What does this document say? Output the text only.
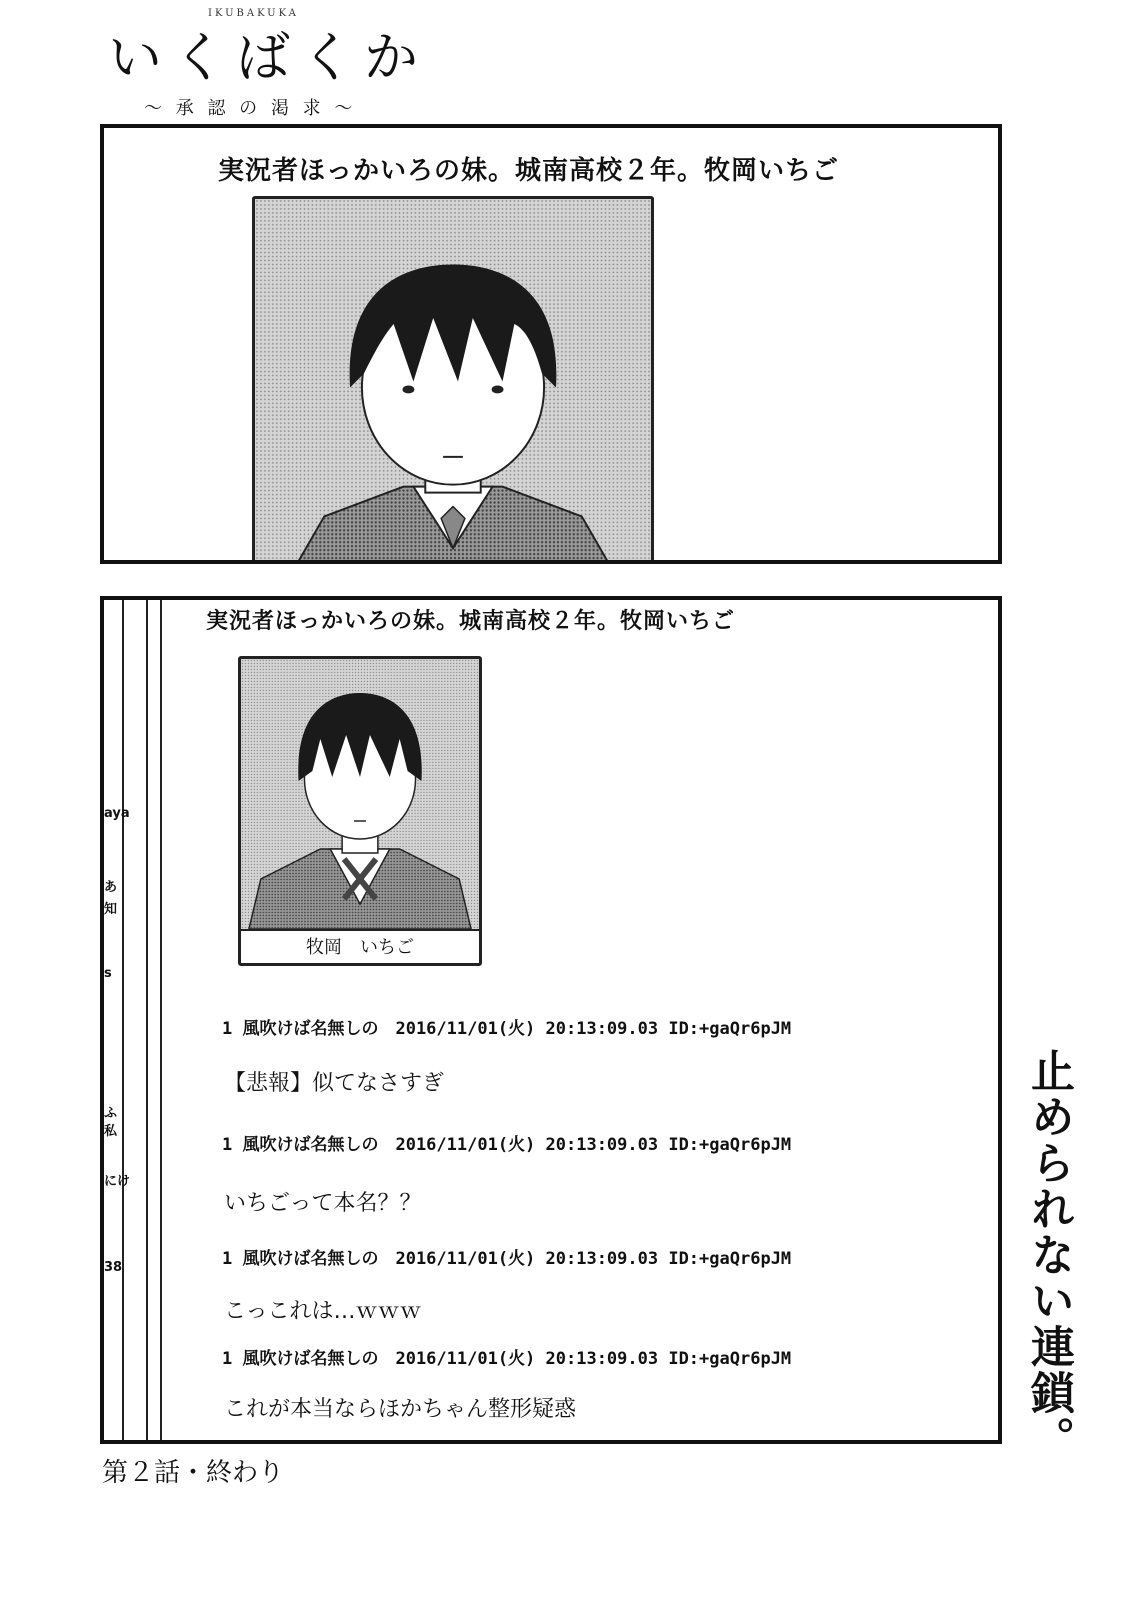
IKUBAKUKA
いくばくか
～ 承 認 の 渇 求 ～
実況者ほっかいろの妹。城南高校２年。牧岡いちご
aya
あ
知
s
ふ
私
にけ
38
実況者ほっかいろの妹。城南高校２年。牧岡いちご
牧岡　いちご
1 風吹けば名無しの　2016/11/01(火) 20:13:09.03 ID:+gaQr6pJM
【悲報】似てなさすぎ
1 風吹けば名無しの　2016/11/01(火) 20:13:09.03 ID:+gaQr6pJM
いちごって本名？？
1 風吹けば名無しの　2016/11/01(火) 20:13:09.03 ID:+gaQr6pJM
こっこれは…ｗｗｗ
1 風吹けば名無しの　2016/11/01(火) 20:13:09.03 ID:+gaQr6pJM
これが本当ならほかちゃん整形疑惑	止められない連鎖。
第２話・終わり
